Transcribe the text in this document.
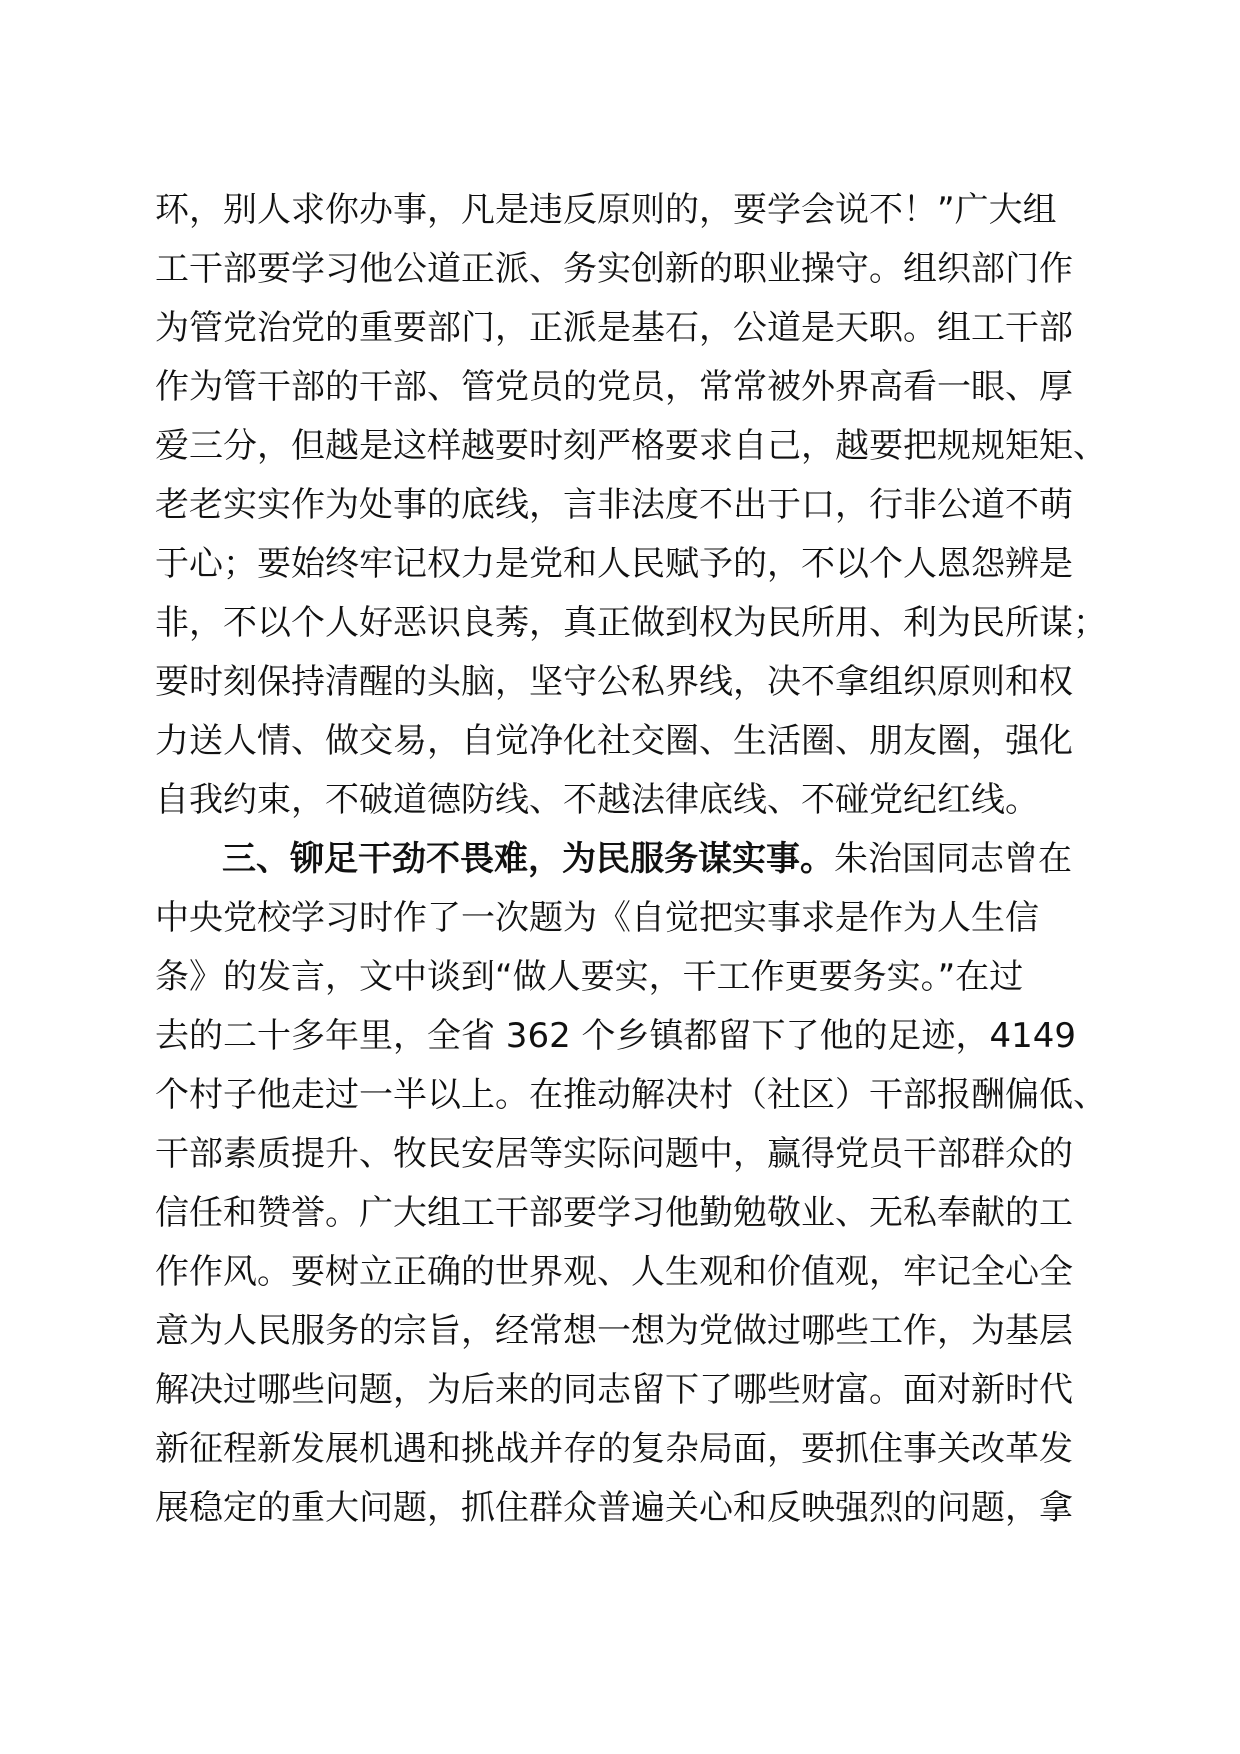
环，别人求你办事，凡是违反原则的，要学会说不！”广大组
工干部要学习他公道正派、务实创新的职业操守。组织部门作
为管党治党的重要部门，正派是基石，公道是天职。组工干部
作为管干部的干部、管党员的党员，常常被外界高看一眼、厚
爱三分，但越是这样越要时刻严格要求自己，越要把规规矩矩、
老老实实作为处事的底线，言非法度不出于口，行非公道不萌
于心；要始终牢记权力是党和人民赋予的，不以个人恩怨辨是
非，不以个人好恶识良莠，真正做到权为民所用、利为民所谋；
要时刻保持清醒的头脑，坚守公私界线，决不拿组织原则和权
力送人情、做交易，自觉净化社交圈、生活圈、朋友圈，强化
自我约束，不破道德防线、不越法律底线、不碰党纪红线。
三、铆足干劲不畏难，为民服务谋实事。朱治国同志曾在
中央党校学习时作了一次题为《自觉把实事求是作为人生信
条》的发言，文中谈到“做人要实，干工作更要务实。”在过
去的二十多年里，全省 362 个乡镇都留下了他的足迹，4149
个村子他走过一半以上。在推动解决村（社区）干部报酬偏低、
干部素质提升、牧民安居等实际问题中，赢得党员干部群众的
信任和赞誉。广大组工干部要学习他勤勉敬业、无私奉献的工
作作风。要树立正确的世界观、人生观和价值观，牢记全心全
意为人民服务的宗旨，经常想一想为党做过哪些工作，为基层
解决过哪些问题，为后来的同志留下了哪些财富。面对新时代
新征程新发展机遇和挑战并存的复杂局面，要抓住事关改革发
展稳定的重大问题，抓住群众普遍关心和反映强烈的问题，拿
